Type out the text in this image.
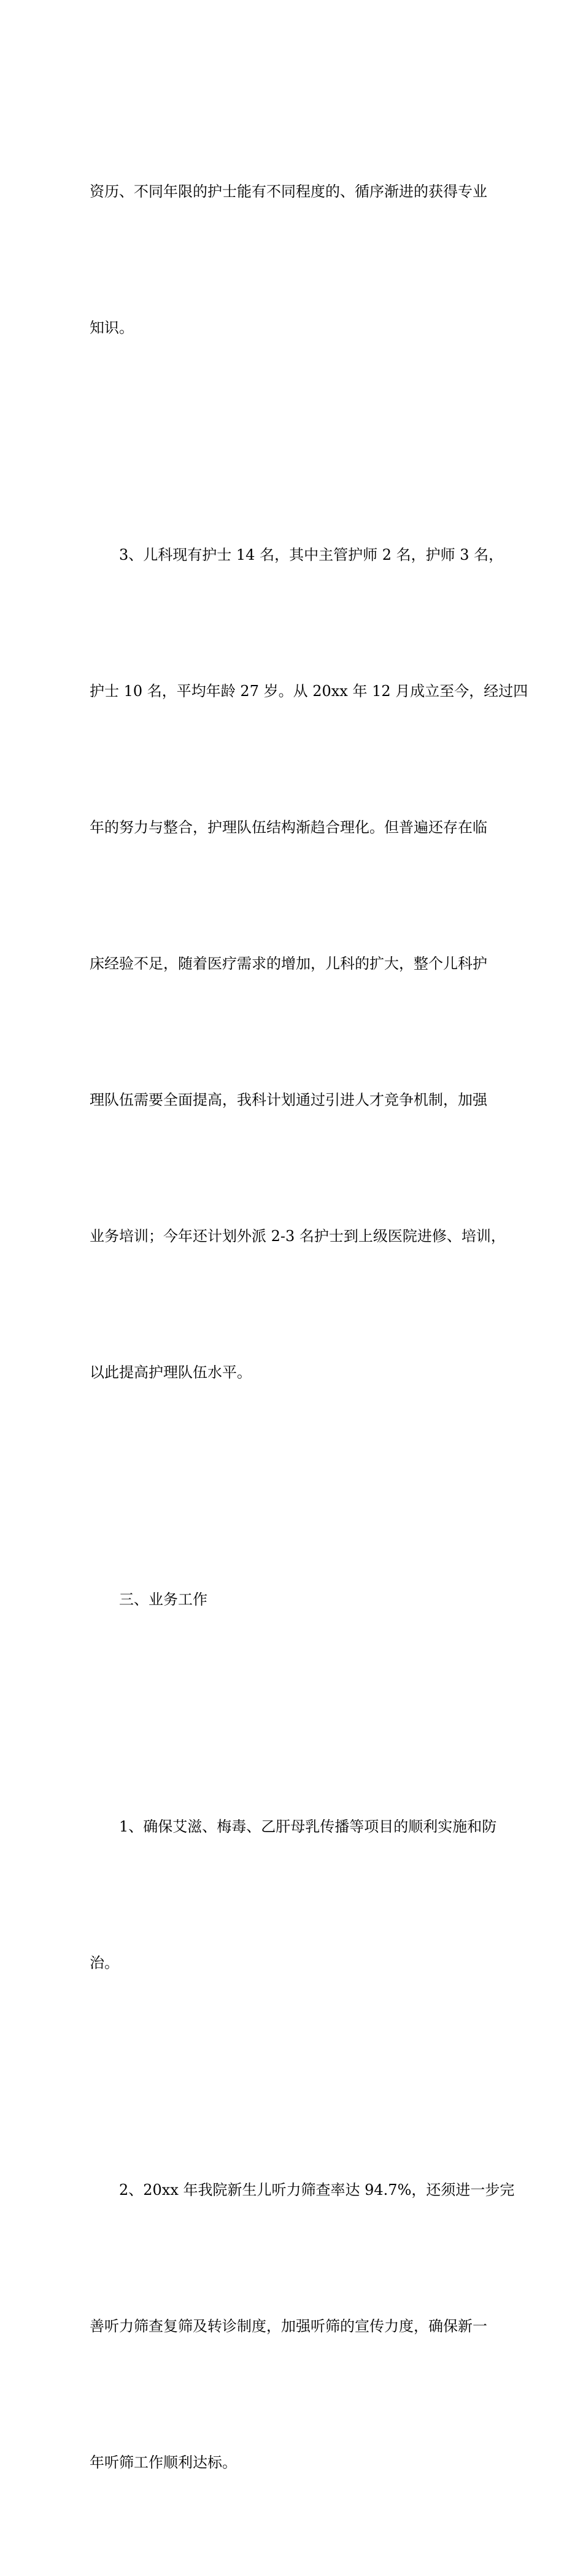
资历、不同年限的护士能有不同程度的、循序渐进的获得专业

知识。

3、儿科现有护士 14 名，其中主管护师 2 名，护师 3 名，

护士 10 名，平均年龄 27 岁。从 20xx 年 12 月成立至今，经过四

年的努力与整合，护理队伍结构渐趋合理化。但普遍还存在临

床经验不足，随着医疗需求的增加，儿科的扩大，整个儿科护

理队伍需要全面提高，我科计划通过引进人才竞争机制，加强

业务培训；今年还计划外派 2-3 名护士到上级医院进修、培训，

以此提高护理队伍水平。

三、业务工作

1、确保艾滋、梅毒、乙肝母乳传播等项目的顺利实施和防

治。

2、20xx 年我院新生儿听力筛查率达 94.7%，还须进一步完

善听力筛查复筛及转诊制度，加强听筛的宣传力度，确保新一

年听筛工作顺利达标。
